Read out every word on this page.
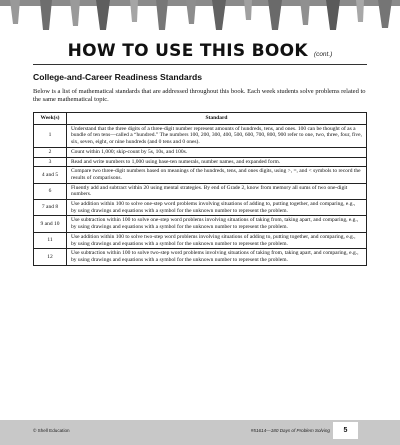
HOW TO USE THIS BOOK (cont.)
College-and-Career Readiness Standards

Below is a list of mathematical standards that are addressed throughout this book. Each week students solve problems related to the same mathematical topic.

Week(s)	Standard
1	Understand that the three digits of a three-digit number represent amounts of hundreds, tens, and ones. 100 can be thought of as a bundle of ten tens—called a “hundred.” The numbers 100, 200, 300, 400, 500, 600, 700, 800, 900 refer to one, two, three, four, five, six, seven, eight, or nine hundreds (and 0 tens and 0 ones).
2	Count within 1,000; skip-count by 5s, 10s, and 100s.
3	Read and write numbers to 1,000 using base-ten numerals, number names, and expanded form.
4 and 5	Compare two three-digit numbers based on meanings of the hundreds, tens, and ones digits, using >, =, and < symbols to record the results of comparisons.
6	Fluently add and subtract within 20 using mental strategies. By end of Grade 2, know from memory all sums of two one-digit numbers.
7 and 8	Use addition within 100 to solve one-step word problems involving situations of adding to, putting together, and comparing, e.g., by using drawings and equations with a symbol for the unknown number to represent the problem.
9 and 10	Use subtraction within 100 to solve one-step word problems involving situations of taking from, taking apart, and comparing, e.g., by using drawings and equations with a symbol for the unknown number to represent the problem.
11	Use addition within 100 to solve two-step word problems involving situations of adding to, putting together, and comparing, e.g., by using drawings and equations with a symbol for the unknown number to represent the problem.
12	Use subtraction within 100 to solve two-step word problems involving situations of taking from, taking apart, and comparing, e.g., by using drawings and equations with a symbol for the unknown number to represent the problem.
© Shell Education	#51614—180 Days of Problem Solving	5
